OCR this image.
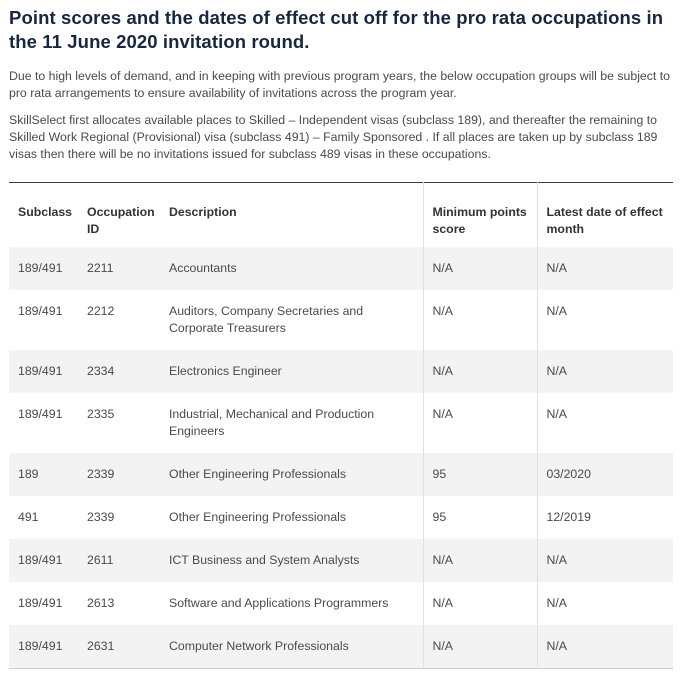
Point scores and the dates of effect cut off for the pro rata occupations in the 11 June 2020 invitation round.

Due to high levels of demand, and in keeping with previous program years, the below occupation groups will be subject to pro rata arrangements to ensure availability of invitations across the program year.

SkillSelect first allocates available places to Skilled – Independent visas (subclass 189), and thereafter the remaining to Skilled Work Regional (Provisional) visa (subclass 491) – Family Sponsored . If all places are taken up by subclass 189 visas then there will be no invitations issued for subclass 489 visas in these occupations.

Subclass	Occupation ID	Description	Minimum points score	Latest date of effect month
189/491	2211	Accountants	N/A	N/A
189/491	2212	Auditors, Company Secretaries and Corporate Treasurers	N/A	N/A
189/491	2334	Electronics Engineer	N/A	N/A
189/491	2335	Industrial, Mechanical and Production Engineers	N/A	N/A
189	2339	Other Engineering Professionals	95	03/2020
491	2339	Other Engineering Professionals	95	12/2019
189/491	2611	ICT Business and System Analysts	N/A	N/A
189/491	2613	Software and Applications Programmers	N/A	N/A
189/491	2631	Computer Network Professionals	N/A	N/A
